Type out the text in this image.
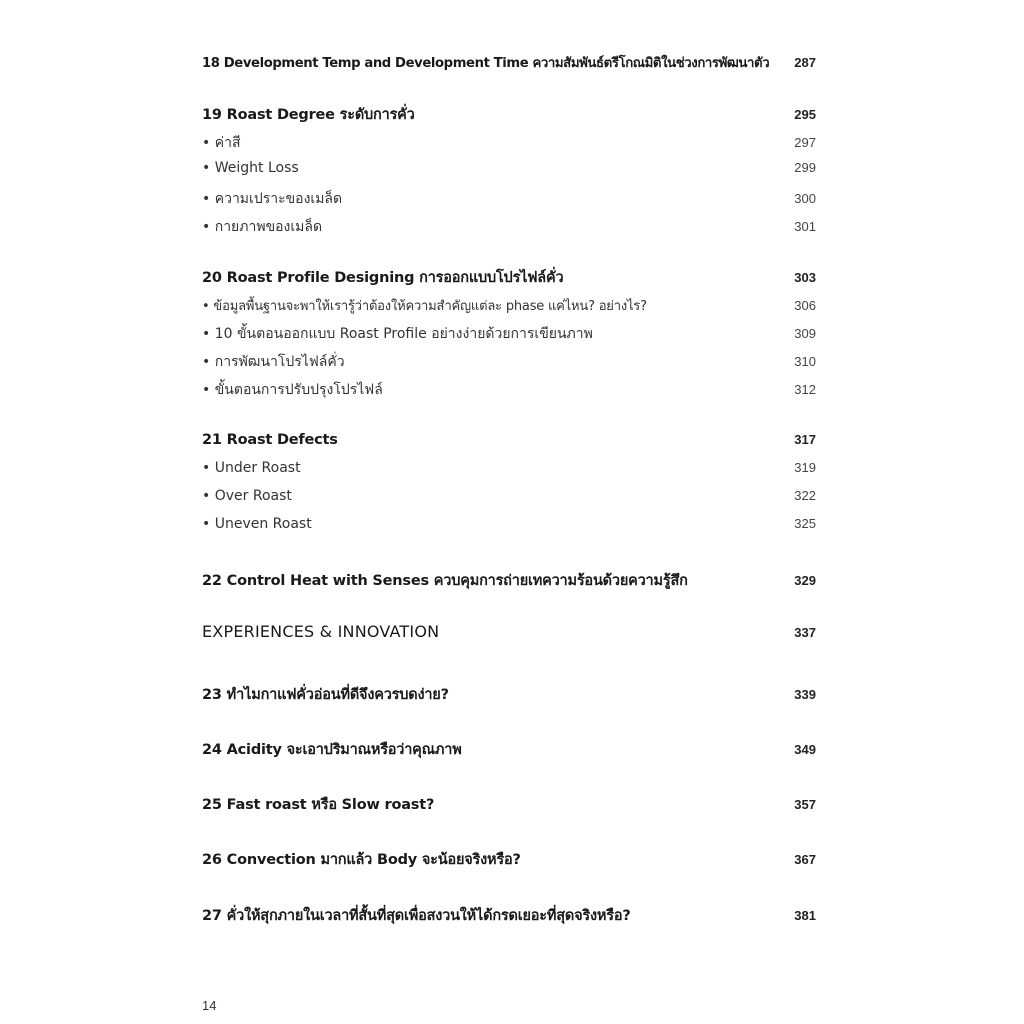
18 Development Temp and Development Time ความสัมพันธ์ตรีโกณมิติในช่วงการพัฒนาตัว 287
19 Roast Degree ระดับการคั่ว	295
• ค่าสี	297
• Weight Loss	299
• ความเปราะของเมล็ด	300
• กายภาพของเมล็ด	301
20 Roast Profile Designing การออกแบบโปรไฟล์คั่ว	303
• ข้อมูลพื้นฐานจะพาให้เรารู้ว่าต้องให้ความสำคัญแต่ละ phase แค่ไหน? อย่างไร?	306
• 10 ขั้นตอนออกแบบ Roast Profile อย่างง่ายด้วยการเขียนภาพ	309
• การพัฒนาโปรไฟล์คั่ว	310
• ขั้นตอนการปรับปรุงโปรไฟล์	312
21 Roast Defects	317
• Under Roast	319
• Over Roast	322
• Uneven Roast	325
22 Control Heat with Senses ควบคุมการถ่ายเทความร้อนด้วยความรู้สึก	329
EXPERIENCES & INNOVATION	337
23 ทำไมกาแฟคั่วอ่อนที่ดีจึงควรบดง่าย?	339
24 Acidity จะเอาปริมาณหรือว่าคุณภาพ	349
25 Fast roast หรือ Slow roast?	357
26 Convection มากแล้ว Body จะน้อยจริงหรือ?	367
27 คั่วให้สุกภายในเวลาที่สั้นที่สุดเพื่อสงวนให้ได้กรดเยอะที่สุดจริงหรือ?	381
14
